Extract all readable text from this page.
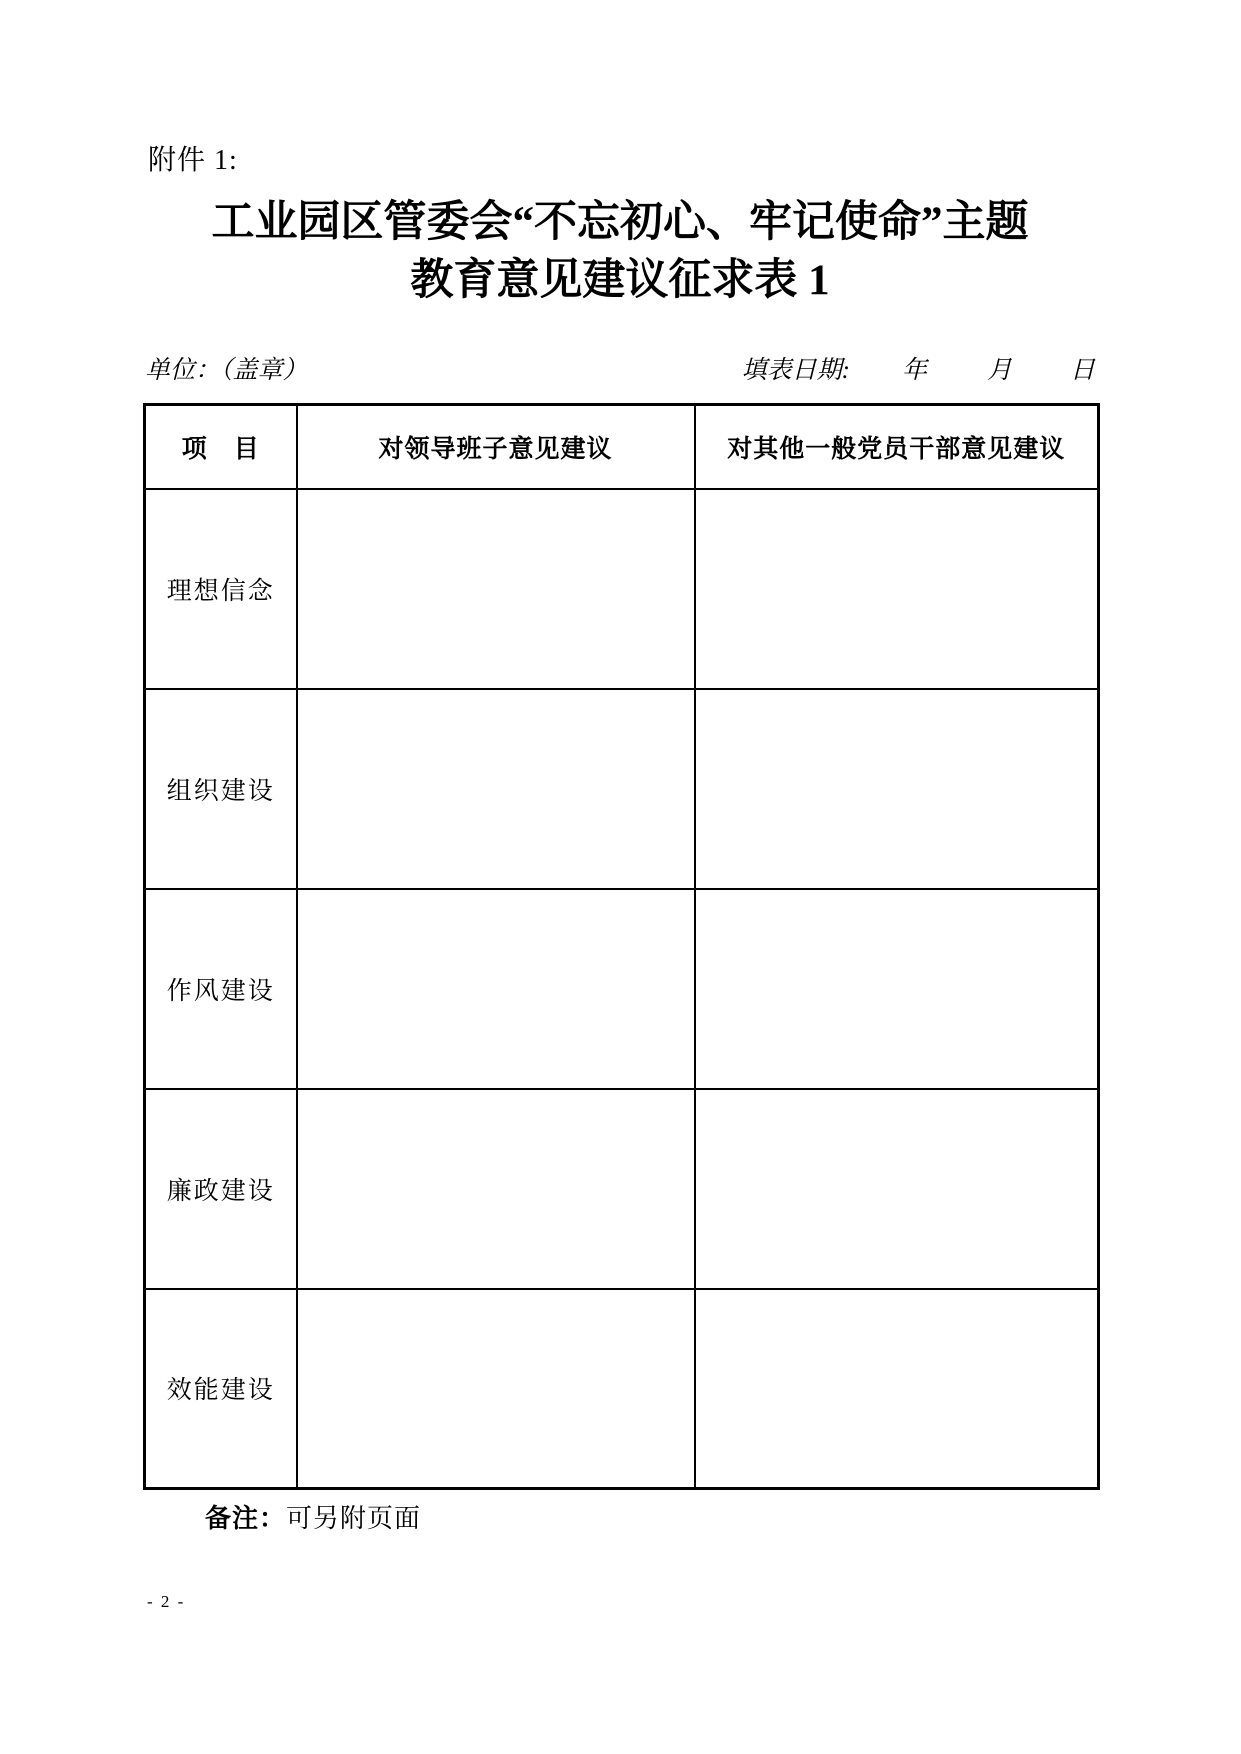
附件 1:
工业园区管委会“不忘初心、牢记使命”主题
教育意见建议征求表 1
单位：（盖章）	填表日期: 年 月 日
项　目	对领导班子意见建议	对其他一般党员干部意见建议
理想信念		
组织建设		
作风建设		
廉政建设		
效能建设		
备注：可另附页面
- 2 -
